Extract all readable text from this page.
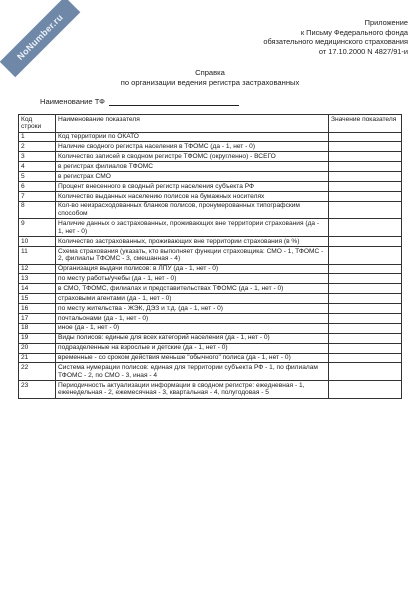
NoNumber.ru	Приложение
к Письму Федерального фонда
обязательного медицинского страхования
от 17.10.2000 N 4827/91-и
Справка
по организации ведения регистра застрахованных
Наименование ТФ
Код строки	Наименование показателя	Значение показателя
1	Код территории по ОКАТО	
2	Наличие сводного регистра населения в ТФОМС (да - 1, нет - 0)	
3	Количество записей в сводном регистре ТФОМС (округленно) - ВСЕГО	
4	в регистрах филиалов ТФОМС	
5	в регистрах СМО	
6	Процент внесенного в сводный регистр населения субъекта РФ	
7	Количество выданных населению полисов на бумажных носителях	
8	Кол-во неизрасходованных бланков полисов, пронумерованных типографским способом	
9	Наличие данных о застрахованных, проживающих вне территории страхования (да - 1, нет - 0)	
10	Количество застрахованных, проживающих вне территории страхования (в %)	
11	Схема страхования (указать, кто выполняет функции страховщика: СМО - 1, ТФОМС - 2, филиалы ТФОМС - 3, смешанная - 4)	
12	Организация выдачи полисов: в ЛПУ (да - 1, нет - 0)	
13	по месту работы/учебы (да - 1, нет - 0)	
14	в СМО, ТФОМС, филиалах и представительствах ТФОМС (да - 1, нет - 0)	
15	страховыми агентами (да - 1, нет - 0)	
16	по месту жительства - ЖЭК, ДЭЗ и т.д. (да - 1, нет - 0)	
17	почтальонами (да - 1, нет - 0)	
18	иное (да - 1, нет - 0)	
19	Виды полисов: единые для всех категорий населения (да - 1, нет - 0)	
20	подразделенные на взрослые и детские (да - 1, нет - 0)	
21	временные - со сроком действия меньше "обычного" полиса (да - 1, нет - 0)	
22	Система нумерации полисов: единая для территории субъекта РФ - 1, по филиалам ТФОМС - 2, по СМО - 3, иная - 4	
23	Периодичность актуализации информации в сводном регистре: ежедневная - 1, еженедельная - 2, ежемесячная - 3, квартальная - 4, полугодовая - 5	
